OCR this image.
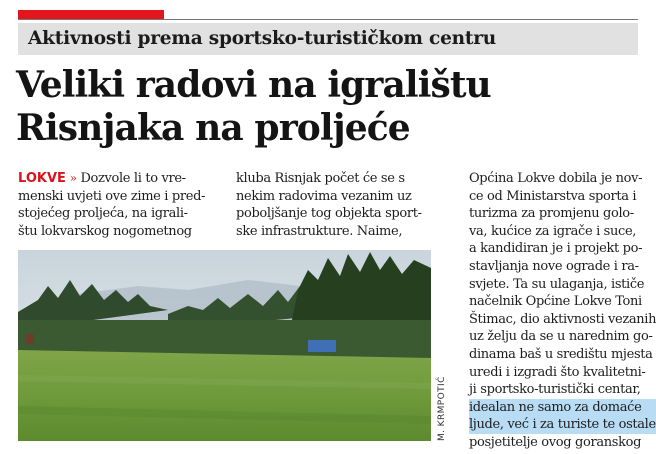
Aktivnosti prema sportsko-turističkom centru
Veliki radovi na igralištu
Risnjaka na proljeće
LOKVE » Dozvole li to vre-
menski uvjeti ove zime i pred-
stojećeg proljeća, na igrali-
štu lokvarskog nogometnog
kluba Risnjak počet će se s
nekim radovima vezanim uz
poboljšanje tog objekta sport-
ske infrastrukture. Naime,
Općina Lokve dobila je nov-
ce od Ministarstva sporta i
turizma za promjenu golo-
va, kućice za igrače i suce,
a kandidiran je i projekt po-
stavljanja nove ograde i ra-
svjete. Ta su ulaganja, ističe
načelnik Općine Lokve Toni
Štimac, dio aktivnosti vezanih
uz želju da se u narednim go-
dinama baš u središtu mjesta
uredi i izgradi što kvalitetni-
ji sportsko-turistički centar,
idealan ne samo za domaće
ljude, već i za turiste te ostale
posjetitelje ovog goranskog
M. KRMPOTIĆ
